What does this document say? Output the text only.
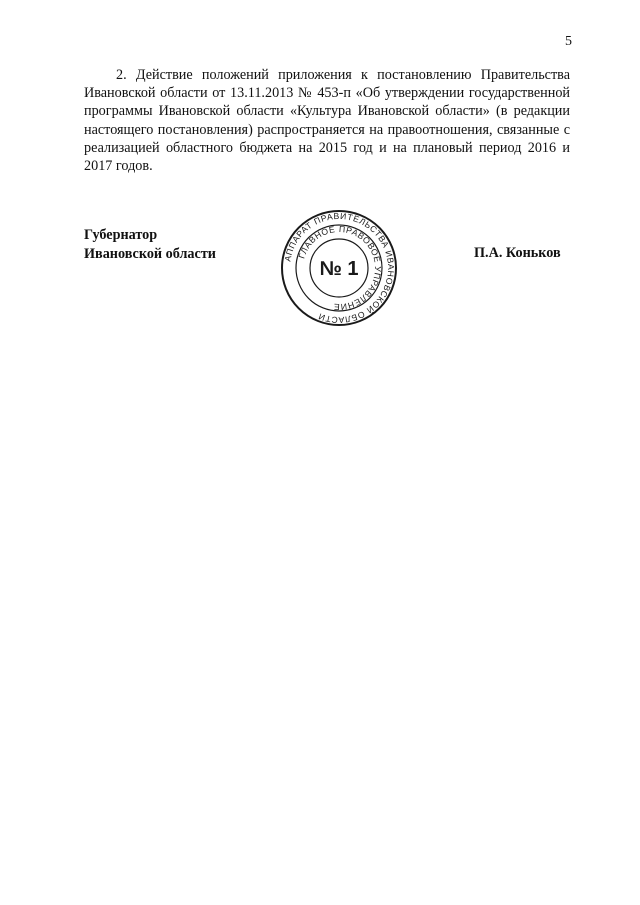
5

2. Действие положений приложения к постановлению Правительства Ивановской области от 13.11.2013 № 453-п «Об утверждении государственной программы Ивановской области «Культура Ивановской области» (в редакции настоящего постановления) распространяется на правоотношения, связанные с реализацией областного бюджета на 2015 год и на плановый период 2016 и 2017 годов.

Губернатор
Ивановской области	П.А. Коньков
АППАРАТ ПРАВИТЕЛЬСТВА ИВАНОВСКОЙ ОБЛАСТИ
ГЛАВНОЕ ПРАВОВОЕ УПРАВЛЕНИЕ
№ 1
